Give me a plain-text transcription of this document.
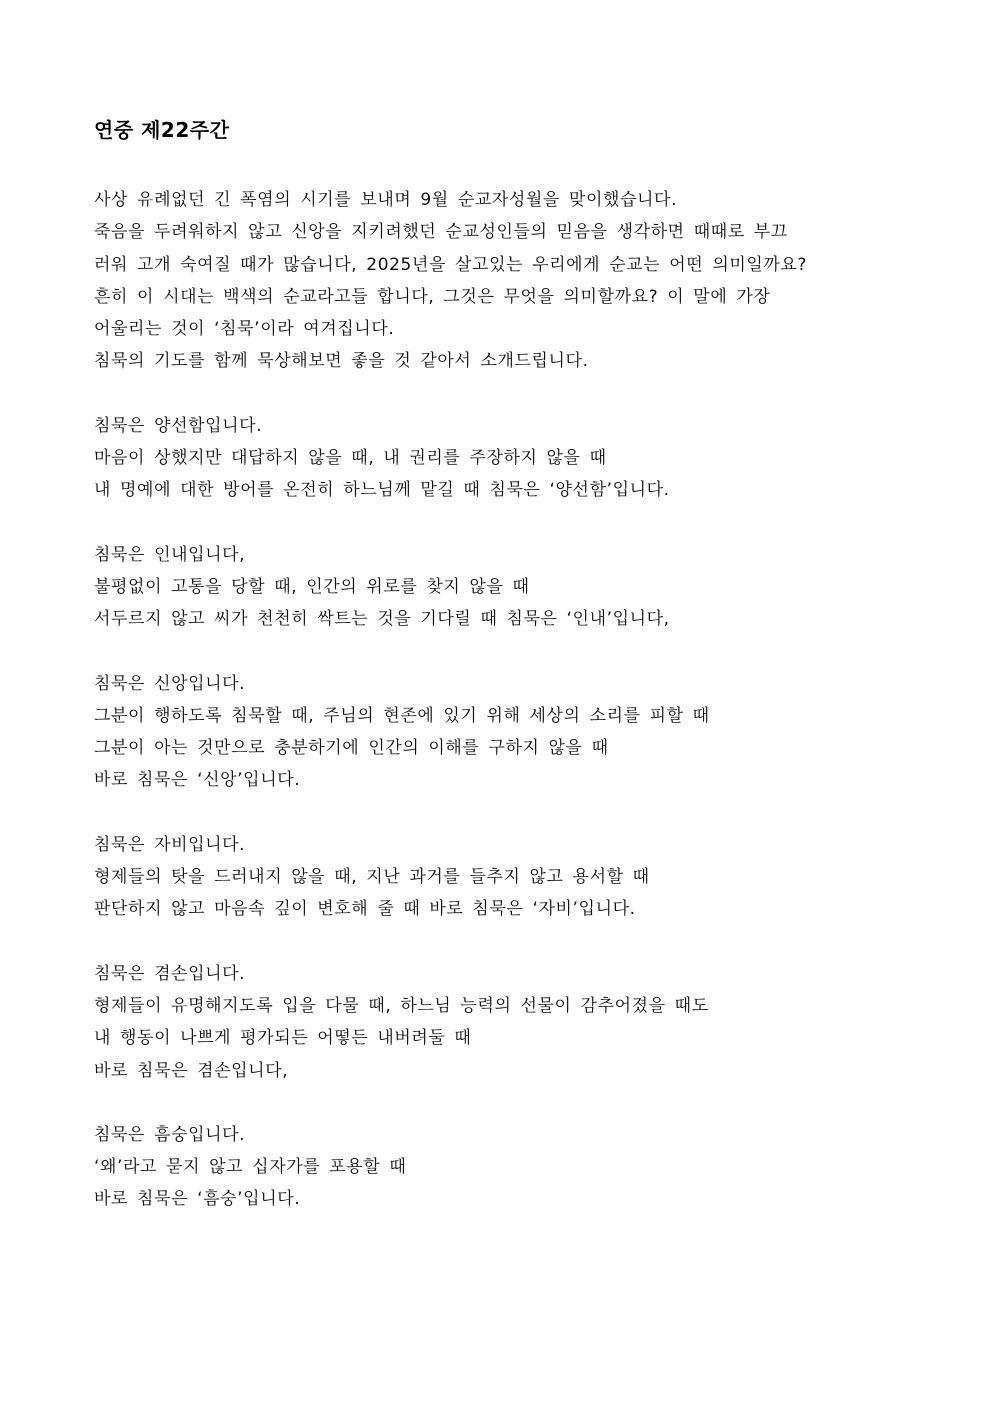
연중 제22주간
사상 유례없던 긴 폭염의 시기를 보내며 9월 순교자성월을 맞이했습니다.
죽음을 두려워하지 않고 신앙을 지키려했던 순교성인들의 믿음을 생각하면 때때로 부끄
러워 고개 숙여질 때가 많습니다, 2025년을 살고있는 우리에게 순교는 어떤 의미일까요?
흔히 이 시대는 백색의 순교라고들 합니다, 그것은 무엇을 의미할까요? 이 말에 가장
어울리는 것이 ‘침묵’이라 여겨집니다.
침묵의 기도를 함께 묵상해보면 좋을 것 같아서 소개드립니다.
침묵은 양선함입니다.
마음이 상했지만 대답하지 않을 때, 내 권리를 주장하지 않을 때
내 명예에 대한 방어를 온전히 하느님께 맡길 때 침묵은 ‘양선함’입니다.
침묵은 인내입니다,
불평없이 고통을 당할 때, 인간의 위로를 찾지 않을 때
서두르지 않고 씨가 천천히 싹트는 것을 기다릴 때 침묵은 ‘인내’입니다,
침묵은 신앙입니다.
그분이 행하도록 침묵할 때, 주님의 현존에 있기 위해 세상의 소리를 피할 때
그분이 아는 것만으로 충분하기에 인간의 이해를 구하지 않을 때
바로 침묵은 ‘신앙’입니다.
침묵은 자비입니다.
형제들의 탓을 드러내지 않을 때, 지난 과거를 들추지 않고 용서할 때
판단하지 않고 마음속 깊이 변호해 줄 때 바로 침묵은 ‘자비’입니다.
침묵은 겸손입니다.
형제들이 유명해지도록 입을 다물 때, 하느님 능력의 선물이 감추어졌을 때도
내 행동이 나쁘게 평가되든 어떻든 내버려둘 때
바로 침묵은 겸손입니다,
침묵은 흠숭입니다.
‘왜’라고 묻지 않고 십자가를 포용할 때
바로 침묵은 ‘흠숭’입니다.
